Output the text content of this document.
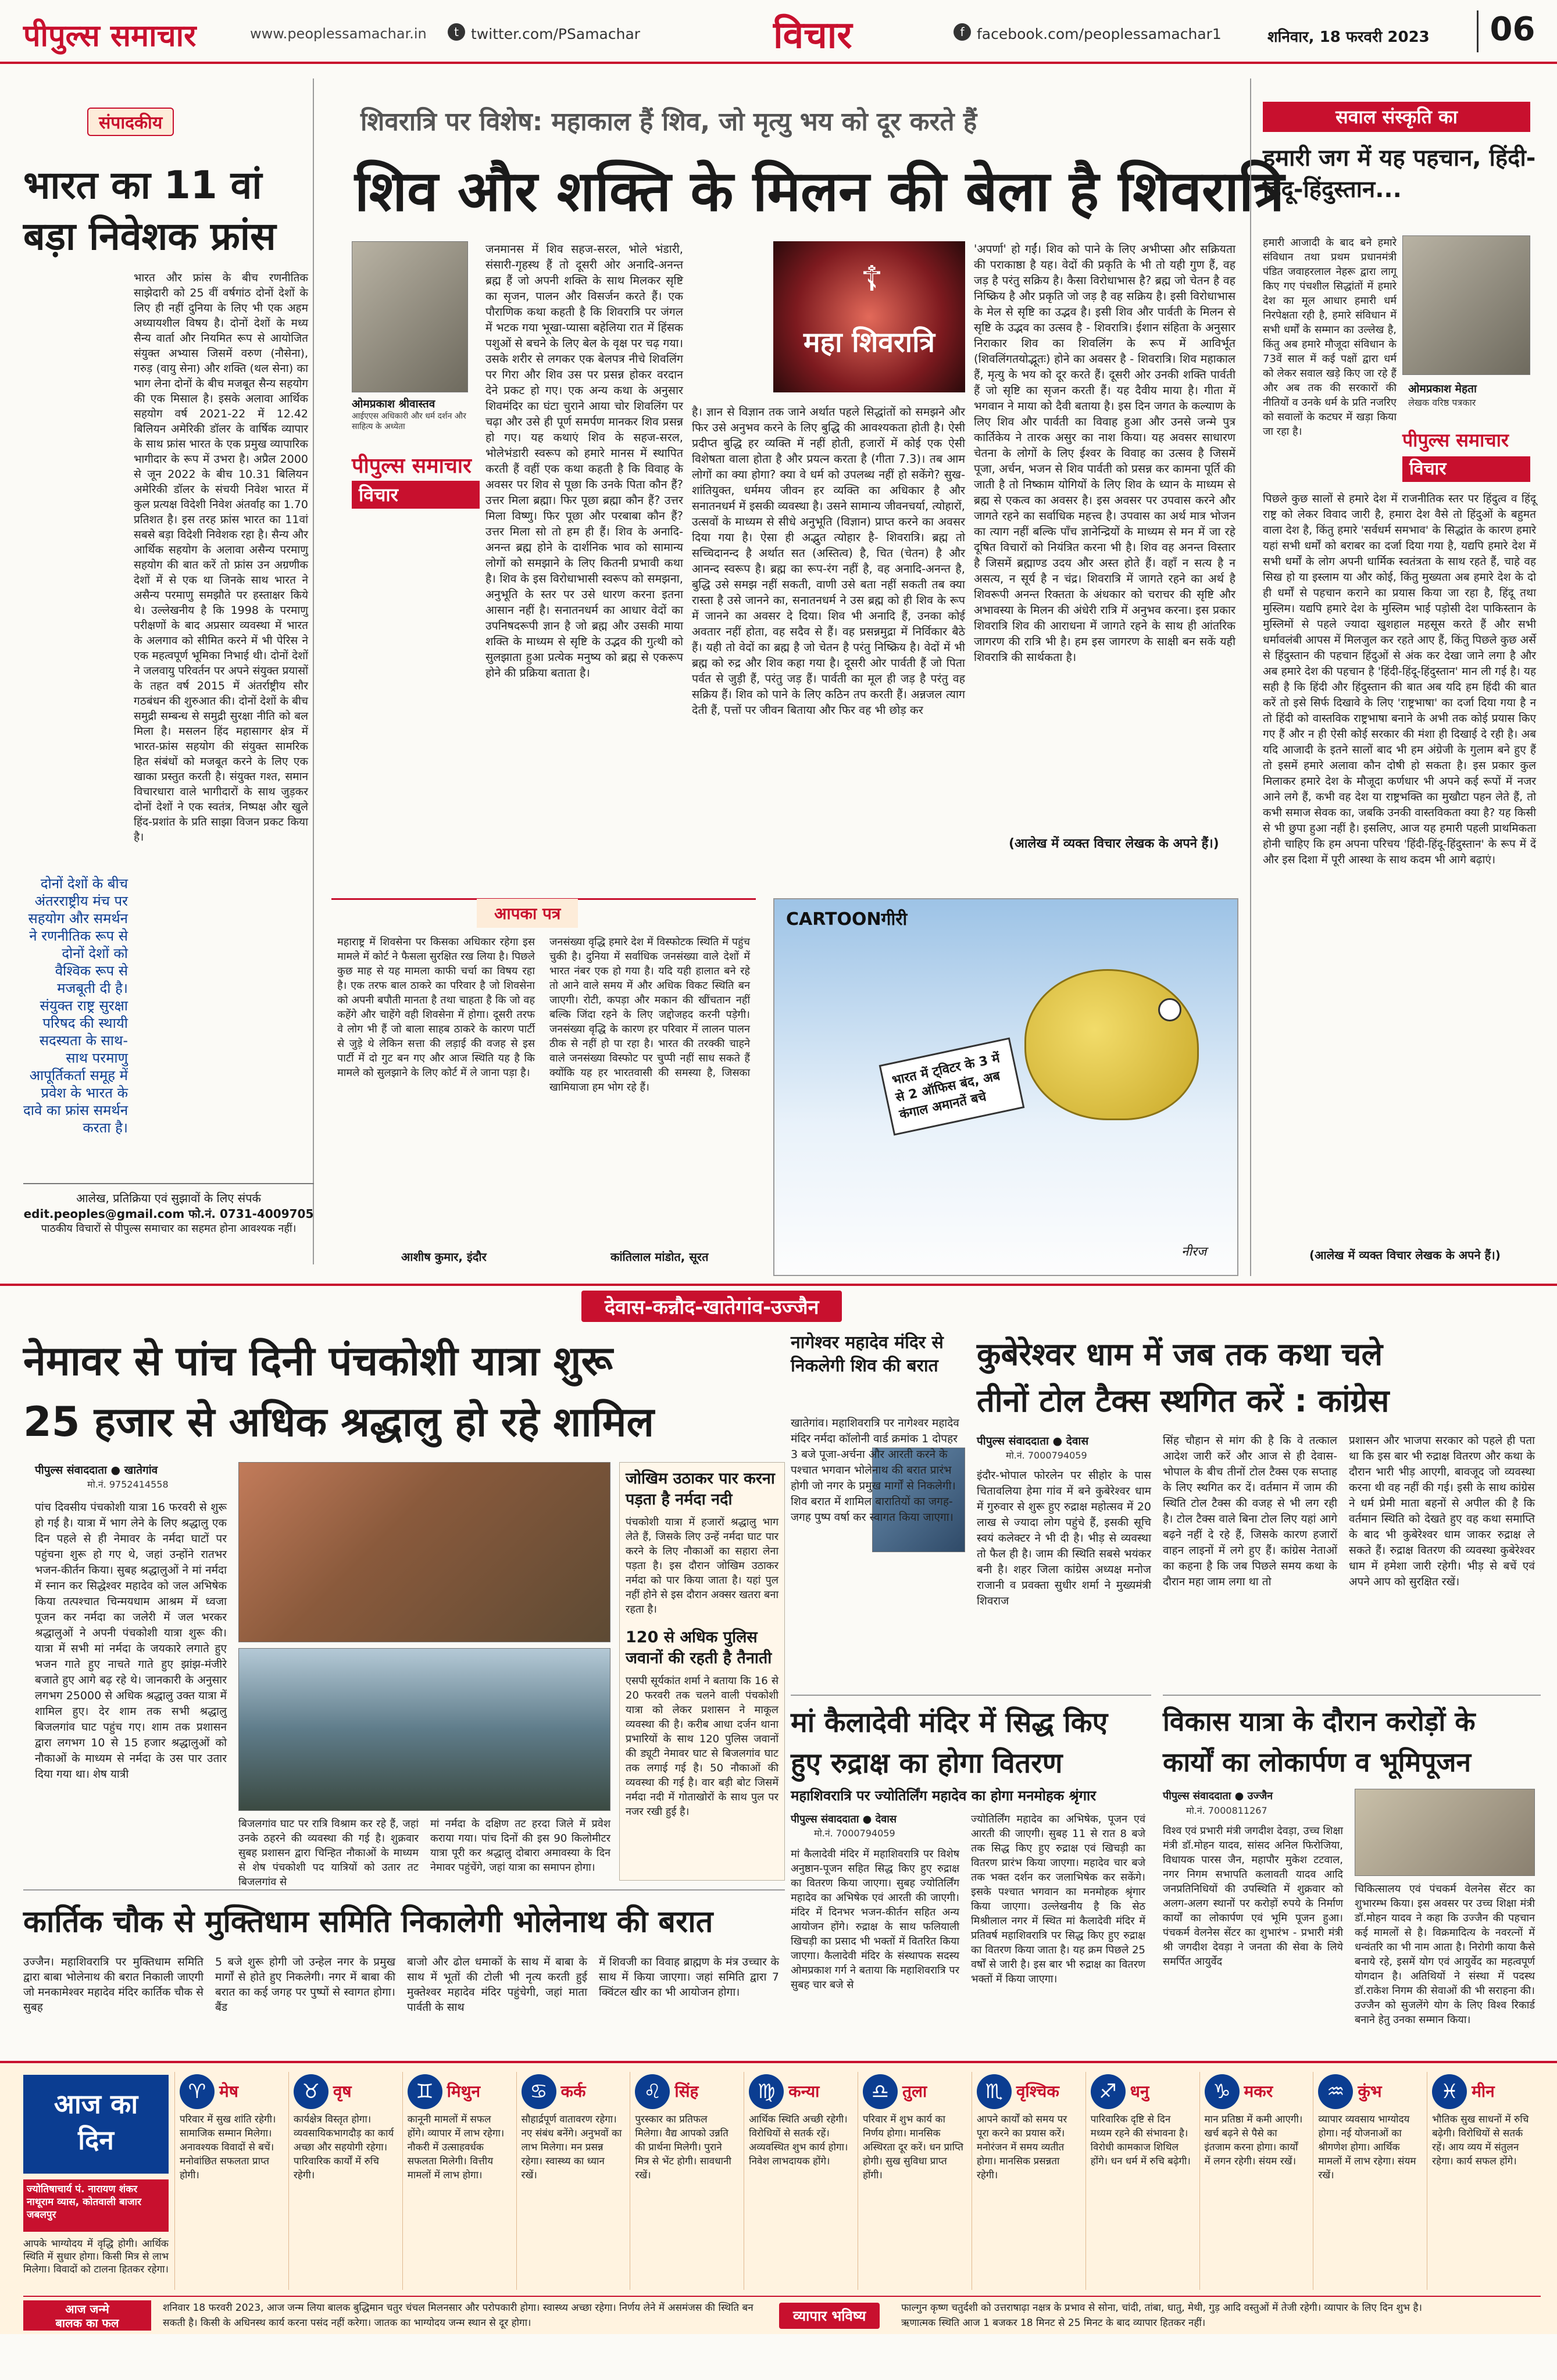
पीपुल्स समाचार	www.peoplessamachar.in	t twitter.com/PSamachar	विचार	f facebook.com/peoplessamachar1	शनिवार, 18 फरवरी 2023	06
संपादकीय
भारत का 11 वां बड़ा निवेशक फ्रांस
भारत और फ्रांस के बीच रणनीतिक साझेदारी को 25 वीं वर्षगांठ दोनों देशों के लिए ही नहीं दुनिया के लिए भी एक अहम अध्यायशील विषय है। दोनों देशों के मध्य सैन्य वार्ता और नियमित रूप से आयोजित संयुक्त अभ्यास जिसमें वरुण (नौसेना), गरुड़ (वायु सेना) और शक्ति (थल सेना) का भाग लेना दोनों के बीच मजबूत सैन्य सहयोग की एक मिसाल है। इसके अलावा आर्थिक सहयोग वर्ष 2021-22 में 12.42 बिलियन अमेरिकी डॉलर के वार्षिक व्यापार के साथ फ्रांस भारत के एक प्रमुख व्यापारिक भागीदार के रूप में उभरा है। अप्रैल 2000 से जून 2022 के बीच 10.31 बिलियन अमेरिकी डॉलर के संचयी निवेश भारत में कुल प्रत्यक्ष विदेशी निवेश अंतर्वाह का 1.70 प्रतिशत है। इस तरह फ्रांस भारत का 11वां सबसे बड़ा विदेशी निवेशक रहा है। सैन्य और आर्थिक सहयोग के अलावा असैन्य परमाणु सहयोग की बात करें तो फ्रांस उन अग्रणीक देशों में से एक था जिनके साथ भारत ने असैन्य परमाणु समझौते पर हस्ताक्षर किये थे। उल्लेखनीय है कि 1998 के परमाणु परीक्षणों के बाद अप्रसार व्यवस्था में भारत के अलगाव को सीमित करने में भी पेरिस ने एक महत्वपूर्ण भूमिका निभाई थी। दोनों देशों ने जलवायु परिवर्तन पर अपने संयुक्त प्रयासों के तहत वर्ष 2015 में अंतर्राष्ट्रीय सौर गठबंधन की शुरुआत की। दोनों देशों के बीच समुद्री सम्बन्ध से समुद्री सुरक्षा नीति को बल मिला है। मसलन हिंद महासागर क्षेत्र में भारत-फ्रांस सहयोग की संयुक्त सामरिक हित संबंधों को मजबूत करने के लिए एक खाका प्रस्तुत करती है। संयुक्त गश्त, समान विचारधारा वाले भागीदारों के साथ जुड़कर दोनों देशों ने एक स्वतंत्र, निष्पक्ष और खुले हिंद-प्रशांत के प्रति साझा विजन प्रकट किया है।
दोनों देशों के बीच अंतरराष्ट्रीय मंच पर सहयोग और समर्थन ने रणनीतिक रूप से दोनों देशों को वैश्विक रूप से मजबूती दी है। संयुक्त राष्ट्र सुरक्षा परिषद की स्थायी सदस्यता के साथ-साथ परमाणु आपूर्तिकर्ता समूह में प्रवेश के भारत के दावे का फ्रांस समर्थन करता है।
आलेख, प्रतिक्रिया एवं सुझावों के लिए संपर्क
edit.peoples@gmail.com फो.नं. 0731-4009705
पाठकीय विचारों से पीपुल्स समाचार का सहमत होना आवश्यक नहीं।
शिवरात्रि पर विशेष: महाकाल हैं शिव, जो मृत्यु भय को दूर करते हैं
शिव और शक्ति के मिलन की बेला है शिवरात्रि
ओमप्रकाश श्रीवास्तव
आईएएस अधिकारी और धर्म दर्शन और साहित्य के अध्येता
पीपुल्स समाचार
विचार
☦
महा शिवरात्रि
जनमानस में शिव सहज-सरल, भोले भंडारी, संसारी-गृहस्थ हैं तो दूसरी ओर अनादि-अनन्त ब्रह्म हैं जो अपनी शक्ति के साथ मिलकर सृष्टि का सृजन, पालन और विसर्जन करते हैं। एक पौराणिक कथा कहती है कि शिवरात्रि पर जंगल में भटक गया भूखा-प्यासा बहेलिया रात में हिंसक पशुओं से बचने के लिए बेल के वृक्ष पर चढ़ गया। उसके शरीर से लगकर एक बेलपत्र नीचे शिवलिंग पर गिरा और शिव उस पर प्रसन्न होकर वरदान देने प्रकट हो गए। एक अन्य कथा के अनुसार शिवमंदिर का घंटा चुराने आया चोर शिवलिंग पर चढ़ा और उसे ही पूर्ण समर्पण मानकर शिव प्रसन्न हो गए। यह कथाएं शिव के सहज-सरल, भोलेभंडारी स्वरूप को हमारे मानस में स्थापित करती हैं वहीं एक कथा कहती है कि विवाह के अवसर पर शिव से पूछा कि उनके पिता कौन हैं? उत्तर मिला ब्रह्मा। फिर पूछा ब्रह्मा कौन हैं? उत्तर मिला विष्णु। फिर पूछा और परबाबा कौन हैं? उत्तर मिला सो तो हम ही हैं। शिव के अनादि-अनन्त ब्रह्म होने के दार्शनिक भाव को सामान्य लोगों को समझाने के लिए कितनी प्रभावी कथा है। शिव के इस विरोधाभासी स्वरूप को समझना, अनुभूति के स्तर पर उसे धारण करना इतना आसान नहीं है। सनातनधर्म का आधार वेदों का उपनिषदरूपी ज्ञान है जो ब्रह्म और उसकी माया शक्ति के माध्यम से सृष्टि के उद्भव की गुत्थी को सुलझाता हुआ प्रत्येक मनुष्य को ब्रह्म से एकरूप होने की प्रक्रिया बताता है।
है। ज्ञान से विज्ञान तक जाने अर्थात पहले सिद्धांतों को समझने और फिर उसे अनुभव करने के लिए बुद्धि की आवश्यकता होती है। ऐसी प्रदीप्त बुद्धि हर व्यक्ति में नहीं होती, हजारों में कोई एक ऐसी विशेषता वाला होता है और प्रयत्न करता है (गीता 7.3)। तब आम लोगों का क्या होगा? क्या वे धर्म को उपलब्ध नहीं हो सकेंगे? सुख-शांतियुक्त, धर्ममय जीवन हर व्यक्ति का अधिकार है और सनातनधर्म में इसकी व्यवस्था है। उसने सामान्य जीवनचर्या, त्योहारों, उत्सवों के माध्यम से सीधे अनुभूति (विज्ञान) प्राप्त करने का अवसर दिया गया है। ऐसा ही अद्भुत त्योहार है- शिवरात्रि। ब्रह्म तो सच्चिदानन्द है अर्थात सत (अस्तित्व) है, चित (चेतन) है और आनन्द स्वरूप है। ब्रह्म का रूप-रंग नहीं है, वह अनादि-अनन्त है, बुद्धि उसे समझ नहीं सकती, वाणी उसे बता नहीं सकती तब क्या रास्ता है उसे जानने का, सनातनधर्म ने उस ब्रह्म को ही शिव के रूप में जानने का अवसर दे दिया। शिव भी अनादि हैं, उनका कोई अवतार नहीं होता, वह सदैव से हैं। वह प्रसन्नमुद्रा में निर्विकार बैठे हैं। यही तो वेदों का ब्रह्म है जो चेतन है परंतु निष्क्रिय है। वेदों में भी ब्रह्म को रुद्र और शिव कहा गया है। दूसरी ओर पार्वती हैं जो पिता पर्वत से जुड़ी हैं, परंतु जड़ हैं। पार्वती का मूल ही जड़ है परंतु वह सक्रिय हैं। शिव को पाने के लिए कठिन तप करती हैं। अन्नजल त्याग देती हैं, पत्तों पर जीवन बिताया और फिर वह भी छोड़ कर
'अपर्णा' हो गईं। शिव को पाने के लिए अभीप्सा और सक्रियता की पराकाष्ठा है यह। वेदों की प्रकृति के भी तो यही गुण हैं, वह जड़ है परंतु सक्रिय है। कैसा विरोधाभास है? ब्रह्म जो चेतन है वह निष्क्रिय है और प्रकृति जो जड़ है वह सक्रिय है। इसी विरोधाभास के मेल से सृष्टि का उद्भव है। इसी शिव और पार्वती के मिलन से सृष्टि के उद्भव का उत्सव है - शिवरात्रि। ईशान संहिता के अनुसार निराकार शिव का शिवलिंग के रूप में आविर्भूत (शिवलिंगतयोद्भूतः) होने का अवसर है - शिवरात्रि। शिव महाकाल हैं, मृत्यु के भय को दूर करते हैं। दूसरी ओर उनकी शक्ति पार्वती हैं जो सृष्टि का सृजन करती हैं। यह दैवीय माया है। गीता में भगवान ने माया को दैवी बताया है। इस दिन जगत के कल्याण के लिए शिव और पार्वती का विवाह हुआ और उनसे जन्मे पुत्र कार्तिकेय ने तारक असुर का नाश किया। यह अवसर साधारण चेतना के लोगों के लिए ईश्वर के विवाह का उत्सव है जिसमें पूजा, अर्चन, भजन से शिव पार्वती को प्रसन्न कर कामना पूर्ति की जाती है तो निष्काम योगियों के लिए शिव के ध्यान के माध्यम से ब्रह्म से एकत्व का अवसर है। इस अवसर पर उपवास करने और जागते रहने का सर्वाधिक महत्त्व है। उपवास का अर्थ मात्र भोजन का त्याग नहीं बल्कि पाँच ज्ञानेन्द्रियों के माध्यम से मन में जा रहे दूषित विचारों को नियंत्रित करना भी है। शिव वह अनन्त विस्तार है जिसमें ब्रह्माण्ड उदय और अस्त होते हैं। वहाँ न सत्य है न असत्य, न सूर्य है न चंद्र। शिवरात्रि में जागते रहने का अर्थ है शिवरूपी अनन्त रिक्तता के अंधकार को चराचर की सृष्टि और अभावस्या के मिलन की अंधेरी रात्रि में अनुभव करना। इस प्रकार शिवरात्रि शिव की आराधना में जागते रहने के साथ ही आंतरिक जागरण की रात्रि भी है। हम इस जागरण के साक्षी बन सकें यही शिवरात्रि की सार्थकता है।
(आलेख में व्यक्त विचार लेखक के अपने हैं।)
आपका पत्र
महाराष्ट्र में शिवसेना पर किसका अधिकार रहेगा इस मामले में कोर्ट ने फैसला सुरक्षित रख लिया है। पिछले कुछ माह से यह मामला काफी चर्चा का विषय रहा है। एक तरफ बाल ठाकरे का परिवार है जो शिवसेना को अपनी बपौती मानता है तथा चाहता है कि जो वह कहेंगे और चाहेंगे वही शिवसेना में होगा। दूसरी तरफ वे लोग भी हैं जो बाला साहब ठाकरे के कारण पार्टी से जुड़े थे लेकिन सत्ता की लड़ाई की वजह से इस पार्टी में दो गुट बन गए और आज स्थिति यह है कि मामले को सुलझाने के लिए कोर्ट में ले जाना पड़ा है।
आशीष कुमार, इंदौर
जनसंख्या वृद्धि हमारे देश में विस्फोटक स्थिति में पहुंच चुकी है। दुनिया में सर्वाधिक जनसंख्या वाले देशों में भारत नंबर एक हो गया है। यदि यही हालात बने रहे तो आने वाले समय में और अधिक विकट स्थिति बन जाएगी। रोटी, कपड़ा और मकान की खींचतान नहीं बल्कि जिंदा रहने के लिए जद्दोजहद करनी पड़ेगी। जनसंख्या वृद्धि के कारण हर परिवार में लालन पालन ठीक से नहीं हो पा रहा है। भारत की तरक्की चाहने वाले जनसंख्या विस्फोट पर चुप्पी नहीं साध सकते हैं क्योंकि यह हर भारतवासी की समस्या है, जिसका खामियाजा हम भोग रहे हैं।
कांतिलाल मांडोत, सूरत
CARTOONगीरी
भारत में ट्विटर के 3 में से 2 ऑफिस बंद, अब कंगाल अमानतें बचे
नीरज
सवाल संस्कृति का
हमारी जग में यह पहचान, हिंदी-हिंदू-हिंदुस्तान...
ओमप्रकाश मेहता
लेखक वरिष्ठ पत्रकार
पीपुल्स समाचार
विचार
हमारी आजादी के बाद बने हमारे संविधान तथा प्रथम प्रधानमंत्री पंडित जवाहरलाल नेहरू द्वारा लागू किए गए पंचशील सिद्धांतों में हमारे देश का मूल आधार हमारी धर्म निरपेक्षता रही है, हमारे संविधान में सभी धर्मों के सम्मान का उल्लेख है, किंतु अब हमारे मौजूदा संविधान के 73वें साल में कई पक्षों द्वारा धर्म को लेकर सवाल खड़े किए जा रहे हैं और अब तक की सरकारों की नीतियों व उनके धर्म के प्रति नजरिए को सवालों के कटघर में खड़ा किया जा रहा है।
पिछले कुछ सालों से हमारे देश में राजनीतिक स्तर पर हिंदुत्व व हिंदू राष्ट्र को लेकर विवाद जारी है, हमारा देश वैसे तो हिंदुओं के बहुमत वाला देश है, किंतु हमारे 'सर्वधर्म समभाव' के सिद्धांत के कारण हमारे यहां सभी धर्मों को बराबर का दर्जा दिया गया है, यद्यपि हमारे देश में सभी धर्मों के लोग अपनी धार्मिक स्वतंत्रता के साथ रहते हैं, चाहे वह सिख हो या इस्लाम या और कोई, किंतु मुख्यता अब हमारे देश के दो ही धर्मों से पहचान कराने का प्रयास किया जा रहा है, हिंदू तथा मुस्लिम। यद्यपि हमारे देश के मुस्लिम भाई पड़ोसी देश पाकिस्तान के मुस्लिमों से पहले ज्यादा खुशहाल महसूस करते हैं और सभी धर्मावलंबी आपस में मिलजुल कर रहते आए हैं, किंतु पिछले कुछ अर्से से हिंदुस्तान की पहचान हिंदुओं से अंक कर देखा जाने लगा है और अब हमारे देश की पहचान है 'हिंदी-हिंदू-हिंदुस्तान' मान ली गई है। यह सही है कि हिंदी और हिंदुस्तान की बात अब यदि हम हिंदी की बात करें तो इसे सिर्फ दिखावे के लिए 'राष्ट्रभाषा' का दर्जा दिया गया है न तो हिंदी को वास्तविक राष्ट्रभाषा बनाने के अभी तक कोई प्रयास किए गए हैं और न ही ऐसी कोई सरकार की मंशा ही दिखाई दे रही है। अब यदि आजादी के इतने सालों बाद भी हम अंग्रेजी के गुलाम बने हुए हैं तो इसमें हमारे अलावा कौन दोषी हो सकता है। इस प्रकार कुल मिलाकर हमारे देश के मौजूदा कर्णधार भी अपने कई रूपों में नजर आने लगे हैं, कभी वह देश या राष्ट्रभक्ति का मुखौटा पहन लेते हैं, तो कभी समाज सेवक का, जबकि उनकी वास्तविकता क्या है? यह किसी से भी छुपा हुआ नहीं है। इसलिए, आज यह हमारी पहली प्राथमिकता होनी चाहिए कि हम अपना परिचय 'हिंदी-हिंदू-हिंदुस्तान' के रूप में दें और इस दिशा में पूरी आस्था के साथ कदम भी आगे बढ़ाएं।
(आलेख में व्यक्त विचार लेखक के अपने हैं।)
देवास-कन्नौद-खातेगांव-उज्जैन
नेमावर से पांच दिनी पंचकोशी यात्रा शुरू
25 हजार से अधिक श्रद्धालु हो रहे शामिल
पीपुल्स संवाददाता ● खातेगांव
मो.नं. 9752414558
पांच दिवसीय पंचकोशी यात्रा 16 फरवरी से शुरू हो गई है। यात्रा में भाग लेने के लिए श्रद्धालु एक दिन पहले से ही नेमावर के नर्मदा घाटों पर पहुंचना शुरू हो गए थे, जहां उन्होंने रातभर भजन-कीर्तन किया। सुबह श्रद्धालुओं ने मां नर्मदा में स्नान कर सिद्धेश्वर महादेव को जल अभिषेक किया तत्पश्चात चिन्मयधाम आश्रम में ध्वजा पूजन कर नर्मदा का जलेरी में जल भरकर श्रद्धालुओं ने अपनी पंचकोशी यात्रा शुरू की। यात्रा में सभी मां नर्मदा के जयकारे लगाते हुए भजन गाते हुए नाचते गाते हुए झांझ-मंजीरे बजाते हुए आगे बढ़ रहे थे। जानकारी के अनुसार लगभग 25000 से अधिक श्रद्धालु उक्त यात्रा में शामिल हुए। देर शाम तक सभी श्रद्धालु बिजलगांव घाट पहुंच गए। शाम तक प्रशासन द्वारा लगभग 10 से 15 हजार श्रद्धालुओं को नौकाओं के माध्यम से नर्मदा के उस पार उतार दिया गया था। शेष यात्री
बिजलगांव घाट पर रात्रि विश्राम कर रहे हैं, जहां उनके ठहरने की व्यवस्था की गई है। शुक्रवार सुबह प्रशासन द्वारा चिन्हित नौकाओं के माध्यम से शेष पंचकोशी पद यात्रियों को उतार तट बिजलगांव से
मां नर्मदा के दक्षिण तट हरदा जिले में प्रवेश कराया गया। पांच दिनों की इस 90 किलोमीटर यात्रा पूरी कर श्रद्धालु दोबारा अमावस्या के दिन नेमावर पहुंचेंगे, जहां यात्रा का समापन होगा।
जोखिम उठाकर पार करना पड़ता है नर्मदा नदी
पंचकोशी यात्रा में हजारों श्रद्धालु भाग लेते हैं, जिसके लिए उन्हें नर्मदा घाट पार करने के लिए नौकाओं का सहारा लेना पड़ता है। इस दौरान जोखिम उठाकर नर्मदा को पार किया जाता है। यहां पुल नहीं होने से इस दौरान अक्सर खतरा बना रहता है।
120 से अधिक पुलिस जवानों की रहती है तैनाती
एसपी सूर्यकांत शर्मा ने बताया कि 16 से 20 फरवरी तक चलने वाली पंचकोशी यात्रा को लेकर प्रशासन ने माकूल व्यवस्था की है। करीब आधा दर्जन थाना प्रभारियों के साथ 120 पुलिस जवानों की ड्यूटी नेमावर घाट से बिजलगांव घाट तक लगाई गई है। 50 नौकाओं की व्यवस्था की गई है। वार बड़ी बोट जिसमें नर्मदा नदी में गोताखोरों के साथ पुल पर नजर रखी हुई है।
नागेश्वर महादेव मंदिर से निकलेगी शिव की बरात
खातेगांव। महाशिवरात्रि पर नागेश्वर महादेव मंदिर नर्मदा कॉलोनी वार्ड क्रमांक 1 दोपहर 3 बजे पूजा-अर्चना और आरती करने के पश्चात भगवान भोलेनाथ की बरात प्रारंभ होगी जो नगर के प्रमुख मार्गों से निकलेगी। शिव बरात में शामिल बारातियों का जगह-जगह पुष्प वर्षा कर स्वागत किया जाएगा।
कुबेरेश्वर धाम में जब तक कथा चले
तीनों टोल टैक्स स्थगित करें : कांग्रेस
पीपुल्स संवाददाता ● देवास
मो.नं. 7000794059
इंदौर-भोपाल फोरलेन पर सीहोर के पास चितावलिया हेमा गांव में बने कुबेरेश्वर धाम में गुरुवार से शुरू हुए रुद्राक्ष महोत्सव में 20 लाख से ज्यादा लोग पहुंचे हैं, इसकी सूचि स्वयं कलेक्टर ने भी दी है। भीड़ से व्यवस्था तो फैल ही है। जाम की स्थिति सबसे भयंकर बनी है। शहर जिला कांग्रेस अध्यक्ष मनोज राजानी व प्रवक्ता सुधीर शर्मा ने मुख्यमंत्री शिवराज
सिंह चौहान से मांग की है कि वे तत्काल आदेश जारी करें और आज से ही देवास-भोपाल के बीच तीनों टोल टैक्स एक सप्ताह के लिए स्थगित कर दें। वर्तमान में जाम की स्थिति टोल टैक्स की वजह से भी लग रही है। टोल टैक्स वाले बिना टोल लिए यहां आगे बढ़ने नहीं दे रहे हैं, जिसके कारण हजारों वाहन लाइनों में लगे हुए हैं। कांग्रेस नेताओं का कहना है कि जब पिछले समय कथा के दौरान महा जाम लगा था तो
प्रशासन और भाजपा सरकार को पहले ही पता था कि इस बार भी रुद्राक्ष वितरण और कथा के दौरान भारी भीड़ आएगी, बावजूद जो व्यवस्था करना थी वह नहीं की गई। इसी के साथ कांग्रेस ने धर्म प्रेमी माता बहनों से अपील की है कि वर्तमान स्थिति को देखते हुए वह कथा समाप्ति के बाद भी कुबेरेश्वर धाम जाकर रुद्राक्ष ले सकते हैं। रुद्राक्ष वितरण की व्यवस्था कुबेरेश्वर धाम में हमेशा जारी रहेगी। भीड़ से बचें एवं अपने आप को सुरक्षित रखें।
मां कैलादेवी मंदिर में सिद्ध किए
हुए रुद्राक्ष का होगा वितरण
महाशिवरात्रि पर ज्योतिर्लिंग महादेव का होगा मनमोहक श्रृंगार
पीपुल्स संवाददाता ● देवास
मो.नं. 7000794059
मां कैलादेवी मंदिर में महाशिवरात्रि पर विशेष अनुष्ठान-पूजन सहित सिद्ध किए हुए रुद्राक्ष का वितरण किया जाएगा। सुबह ज्योतिर्लिंग महादेव का अभिषेक एवं आरती की जाएगी। मंदिर में दिनभर भजन-कीर्तन सहित अन्य आयोजन होंगे। रुद्राक्ष के साथ फलियाली खिचड़ी का प्रसाद भी भक्तों में वितरित किया जाएगा। कैलादेवी मंदिर के संस्थापक सदस्य ओमप्रकाश गर्ग ने बताया कि महाशिवरात्रि पर सुबह चार बजे से
ज्योतिर्लिंग महादेव का अभिषेक, पूजन एवं आरती की जाएगी। सुबह 11 से रात 8 बजे तक सिद्ध किए हुए रुद्राक्ष एवं खिचड़ी का वितरण प्रारंभ किया जाएगा। महादेव चार बजे तक भक्त दर्शन कर जलाभिषेक कर सकेंगे। इसके पश्चात भगवान का मनमोहक श्रृंगार किया जाएगा। उल्लेखनीय है कि सेठ मिश्रीलाल नगर में स्थित मां कैलादेवी मंदिर में प्रतिवर्ष महाशिवरात्रि पर सिद्ध किए हुए रुद्राक्ष का वितरण किया जाता है। यह क्रम पिछले 25 वर्षों से जारी है। इस बार भी रुद्राक्ष का वितरण भक्तों में किया जाएगा।
विकास यात्रा के दौरान करोड़ों के
कार्यों का लोकार्पण व भूमिपूजन
पीपुल्स संवाददाता ● उज्जैन
मो.नं. 7000811267
विश्व एवं प्रभारी मंत्री जगदीश देवड़ा, उच्च शिक्षा मंत्री डॉ.मोहन यादव, सांसद अनिल फिरोजिया, विधायक पारस जैन, महापौर मुकेश टटवाल, नगर निगम सभापति कलावती यादव आदि जनप्रतिनिधियों की उपस्थिति में शुक्रवार को अलग-अलग स्थानों पर करोड़ों रुपये के निर्माण कार्यों का लोकार्पण एवं भूमि पूजन हुआ। पंचकर्म वेलनेस सेंटर का शुभारंभ - प्रभारी मंत्री श्री जगदीश देवड़ा ने जनता की सेवा के लिये समर्पित आयुर्वेद
चिकित्सालय एवं पंचकर्म वेलनेस सेंटर का शुभारम्भ किया। इस अवसर पर उच्च शिक्षा मंत्री डॉ.मोहन यादव ने कहा कि उज्जैन की पहचान कई मामलों से है। विक्रमादित्य के नवरत्नों में धन्वंतरि का भी नाम आता है। निरोगी काया कैसे बनाये रहे, इसमें योग एवं आयुर्वेद का महत्वपूर्ण योगदान है। अतिथियों ने संस्था में पदस्थ डॉ.राकेश निगम की सेवाओं की भी सराहना की। उज्जैन को सुजलेंगे योग के लिए विश्व रिकार्ड बनाने हेतु उनका सम्मान किया।
कार्तिक चौक से मुक्तिधाम समिति निकालेगी भोलेनाथ की बरात
उज्जैन। महाशिवरात्रि पर मुक्तिधाम समिति द्वारा बाबा भोलेनाथ की बरात निकाली जाएगी जो मनकामेश्वर महादेव मंदिर कार्तिक चौक से सुबह
5 बजे शुरू होगी जो उन्हेल नगर के प्रमुख मार्गों से होते हुए निकलेगी। नगर में बाबा की बरात का कई जगह पर पुष्पों से स्वागत होगा। बैंड
बाजो और ढोल धमाकों के साथ में बाबा के साथ में भूतों की टोली भी नृत्य करती हुई मुक्तेश्वर महादेव मंदिर पहुंचेगी, जहां माता पार्वती के साथ
में शिवजी का विवाह ब्राह्मण के मंत्र उच्चार के साथ में किया जाएगा। जहां समिति द्वारा 7 क्विंटल खीर का भी आयोजन होगा।
आज का
दिन
ज्योतिषाचार्य पं. नारायण शंकर नाथूराम व्यास, कोतवाली बाजार जबलपुर
आपके भाग्योदय में वृद्धि होगी। आर्थिक स्थिति में सुधार होगा। किसी मित्र से लाभ मिलेगा। विवादों को टालना हितकर रहेगा।
♈ मेष
परिवार में सुख शांति रहेगी। सामाजिक सम्मान मिलेगा। अनावश्यक विवादों से बचें। मनोवांछित सफलता प्राप्त होगी।
♉ वृष
कार्यक्षेत्र विस्तृत होगा। व्यवसायिकभागदौड़ का कार्य अच्छा और सहयोगी रहेगा। पारिवारिक कार्यों में रुचि रहेगी।
♊ मिथुन
कानूनी मामलों में सफल होंगे। व्यापार में लाभ रहेगा। नौकरी में उत्साहवर्धक सफलता मिलेगी। वित्तीय मामलों में लाभ होगा।
♋ कर्क
सौहार्द्रपूर्ण वातावरण रहेगा। नए संबंध बनेंगे। अनुभवों का लाभ मिलेगा। मन प्रसन्न रहेगा। स्वास्थ्य का ध्यान रखें।
♌ सिंह
पुरस्कार का प्रतिफल मिलेगा। वैद्य आपको उन्नति की प्रार्थना मिलेगी। पुराने मित्र से भेंट होगी। सावधानी रखें।
♍ कन्या
आर्थिक स्थिति अच्छी रहेगी। विरोधियों से सतर्क रहें। अव्यवस्थित शुभ कार्य होगा। निवेश लाभदायक होंगे।
♎ तुला
परिवार में शुभ कार्य का निर्णय होगा। मानसिक अस्थिरता दूर करें। धन प्राप्ति होगी। सुख सुविधा प्राप्त होंगी।
♏ वृश्चिक
आपने कार्यों को समय पर पूरा करने का प्रयास करें। मनोरंजन में समय व्यतीत होगा। मानसिक प्रसन्नता रहेगी।
♐ धनु
पारिवारिक दृष्टि से दिन मध्यम रहने की संभावना है। विरोधी कामकाज शिथिल होंगे। धन धर्म में रुचि बढ़ेगी।
♑ मकर
मान प्रतिष्ठा में कमी आएगी। खर्च बढ़ने से पैसे का इंतजाम करना होगा। कार्यों में लगन रहेगी। संयम रखें।
♒ कुंभ
व्यापार व्यवसाय भाग्योदय होगा। नई योजनाओं का श्रीगणेश होगा। आर्थिक मामलों में लाभ रहेगा। संयम रखें।
♓ मीन
भौतिक सुख साधनों में रुचि बढ़ेगी। विरोधियों से सतर्क रहें। आय व्यय में संतुलन रहेगा। कार्य सफल होंगे।
आज जन्मे
बालक का फल
शनिवार 18 फरवरी 2023, आज जन्म लिया बालक बुद्धिमान चतुर चंचल मिलनसार और परोपकारी होगा। स्वास्थ्य अच्छा रहेगा। निर्णय लेने में असमंजस की स्थिति बन सकती है। किसी के अधिनस्थ कार्य करना पसंद नहीं करेगा। जातक का भाग्योदय जन्म स्थान से दूर होगा।	व्यापार भविष्य	फाल्गुन कृष्ण चतुर्दशी को उत्तराषाढ़ा नक्षत्र के प्रभाव से सोना, चांदी, तांबा, धातु, मेथी, गुड़ आदि वस्तुओं में तेजी रहेगी। व्यापार के लिए दिन शुभ है।
ऋणात्मक स्थिति आज 1 बजकर 18 मिनट से 25 मिनट के बाद व्यापार हितकर नहीं।
